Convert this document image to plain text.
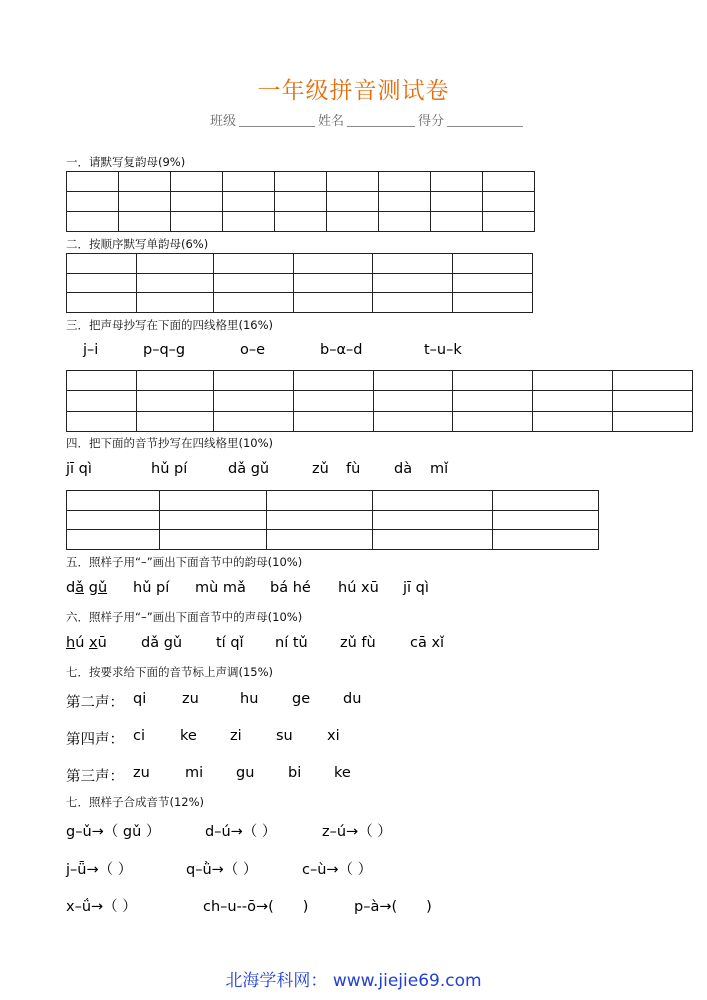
一年级拼音测试卷
班级	姓名	得分
一．请默写复韵母(9%)

二．按顺序默写单韵母(6%)

三．把声母抄写在下面的四线格里(16%)
j–i	p–q–g	o–e	b–α–d	t–u–k

四．把下面的音节抄写在四线格里(10%)
jī qì	hǔ pí	dǎ gǔ	zǔ fù dà mǐ

五．照样子用“–”画出下面音节中的韵母(10%)
dǎ gǔ hǔ pí mù mǎ bá hé hú xū jī qì
六．照样子用“–”画出下面音节中的声母(10%)
hú xū dǎ gǔ tí qǐ ní tǔ zǔ fù cā xǐ
七．按要求给下面的音节标上声调(15%)
第二声： qi zu	hu ge du
第四声： ci ke zi su xi
第三声： zu mi gu bi ke
七．照样子合成音节(12%)
g–ǔ→（ gǔ ）	d–ú→（ ）	z–ú→（ ）
j–ǖ→（ ）	q–ǜ→（ ）	c–ù→（ ）
x–ǘ→（ ）	ch–u--ō→(　　)	p–à→(　　)
北海学科网： www.jiejie69.com
